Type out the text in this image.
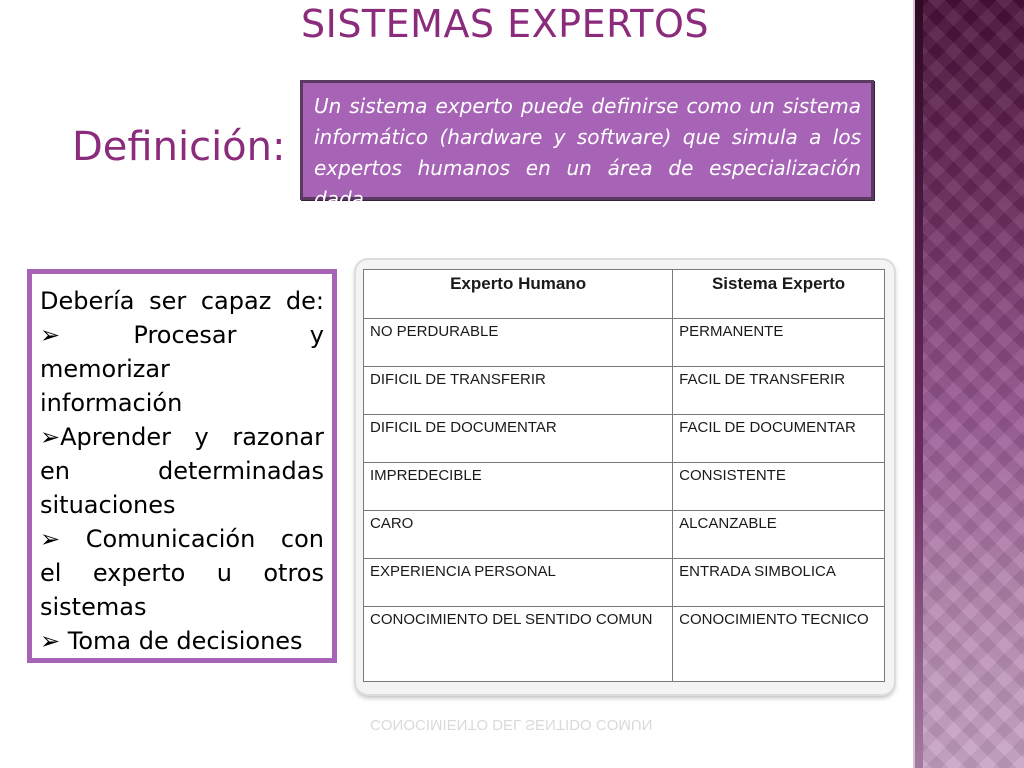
SISTEMAS EXPERTOS
Definición:
Un sistema experto puede definirse como un sistema informático (hardware y software) que simula a los expertos humanos en un área de especialización dada.
Debería ser capaz de:
➢ Procesar y
memorizar
información
➢Aprender y razonar
en determinadas
situaciones
➢ Comunicación con
el experto u otros
sistemas
➢ Toma de decisiones
Experto Humano	Sistema Experto
NO PERDURABLE	PERMANENTE
DIFICIL DE TRANSFERIR	FACIL DE TRANSFERIR
DIFICIL DE DOCUMENTAR	FACIL DE DOCUMENTAR
IMPREDECIBLE	CONSISTENTE
CARO	ALCANZABLE
EXPERIENCIA PERSONAL	ENTRADA SIMBOLICA
CONOCIMIENTO DEL SENTIDO COMUN	CONOCIMIENTO TECNICO
CONOCIMIENTO DEL SENTIDO COMUN
